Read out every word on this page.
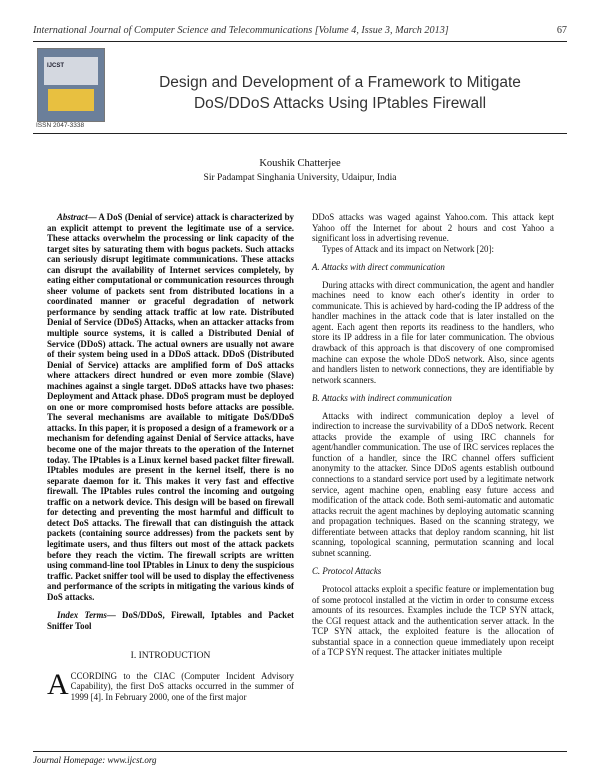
International Journal of Computer Science and Telecommunications [Volume 4, Issue 3, March 2013]	67
IJCST
ISSN 2047-3338
Design and Development of a Framework to Mitigate
DoS/DDoS Attacks Using IPtables Firewall
Koushik Chatterjee
Sir Padampat Singhania University, Udaipur, India

Abstract— A DoS (Denial of service) attack is characterized by an explicit attempt to prevent the legitimate use of a service. These attacks overwhelm the processing or link capacity of the target sites by saturating them with bogus packets. Such attacks can seriously disrupt legitimate communications. These attacks can disrupt the availability of Internet services completely, by eating either computational or communication resources through sheer volume of packets sent from distributed locations in a coordinated manner or graceful degradation of network performance by sending attack traffic at low rate. Distributed Denial of Service (DDoS) Attacks, when an attacker attacks from multiple source systems, it is called a Distributed Denial of Service (DDoS) attack. The actual owners are usually not aware of their system being used in a DDoS attack. DDoS (Distributed Denial of Service) attacks are amplified form of DoS attacks where attackers direct hundred or even more zombie (Slave) machines against a single target. DDoS attacks have two phases: Deployment and Attack phase. DDoS program must be deployed on one or more compromised hosts before attacks are possible. The several mechanisms are available to mitigate DoS/DDoS attacks. In this paper, it is proposed a design of a framework or a mechanism for defending against Denial of Service attacks, have become one of the major threats to the operation of the Internet today. The IPtables is a Linux kernel based packet filter firewall. IPtables modules are present in the kernel itself, there is no separate daemon for it. This makes it very fast and effective firewall. The IPtables rules control the incoming and outgoing traffic on a network device. This design will be based on firewall for detecting and preventing the most harmful and difficult to detect DoS attacks. The firewall that can distinguish the attack packets (containing source addresses) from the packets sent by legitimate users, and thus filters out most of the attack packets before they reach the victim. The firewall scripts are written using command-line tool IPtables in Linux to deny the suspicious traffic. Packet sniffer tool will be used to display the effectiveness and performance of the scripts in mitigating the various kinds of DoS attacks.

Index Terms— DoS/DDoS, Firewall, Iptables and Packet Sniffer Tool

I. INTRODUCTION

ACCORDING to the CIAC (Computer Incident Advisory Capability), the first DoS attacks occurred in the summer of 1999 [4]. In February 2000, one of the first major

DDoS attacks was waged against Yahoo.com. This attack kept Yahoo off the Internet for about 2 hours and cost Yahoo a significant loss in advertising revenue.

Types of Attack and its impact on Network [20]:

A. Attacks with direct communication

During attacks with direct communication, the agent and handler machines need to know each other's identity in order to communicate. This is achieved by hard-coding the IP address of the handler machines in the attack code that is later installed on the agent. Each agent then reports its readiness to the handlers, who store its IP address in a file for later communication. The obvious drawback of this approach is that discovery of one compromised machine can expose the whole DDoS network. Also, since agents and handlers listen to network connections, they are identifiable by network scanners.

B. Attacks with indirect communication

Attacks with indirect communication deploy a level of indirection to increase the survivability of a DDoS network. Recent attacks provide the example of using IRC channels for agent/handler communication. The use of IRC services replaces the function of a handler, since the IRC channel offers sufficient anonymity to the attacker. Since DDoS agents establish outbound connections to a standard service port used by a legitimate network service, agent machine open, enabling easy future access and modification of the attack code. Both semi-automatic and automatic attacks recruit the agent machines by deploying automatic scanning and propagation techniques. Based on the scanning strategy, we differentiate between attacks that deploy random scanning, hit list scanning, topological scanning, permutation scanning and local subnet scanning.

C. Protocol Attacks

Protocol attacks exploit a specific feature or implementation bug of some protocol installed at the victim in order to consume excess amounts of its resources. Examples include the TCP SYN attack, the CGI request attack and the authentication server attack. In the TCP SYN attack, the exploited feature is the allocation of substantial space in a connection queue immediately upon receipt of a TCP SYN request. The attacker initiates multiple

Journal Homepage: www.ijcst.org
